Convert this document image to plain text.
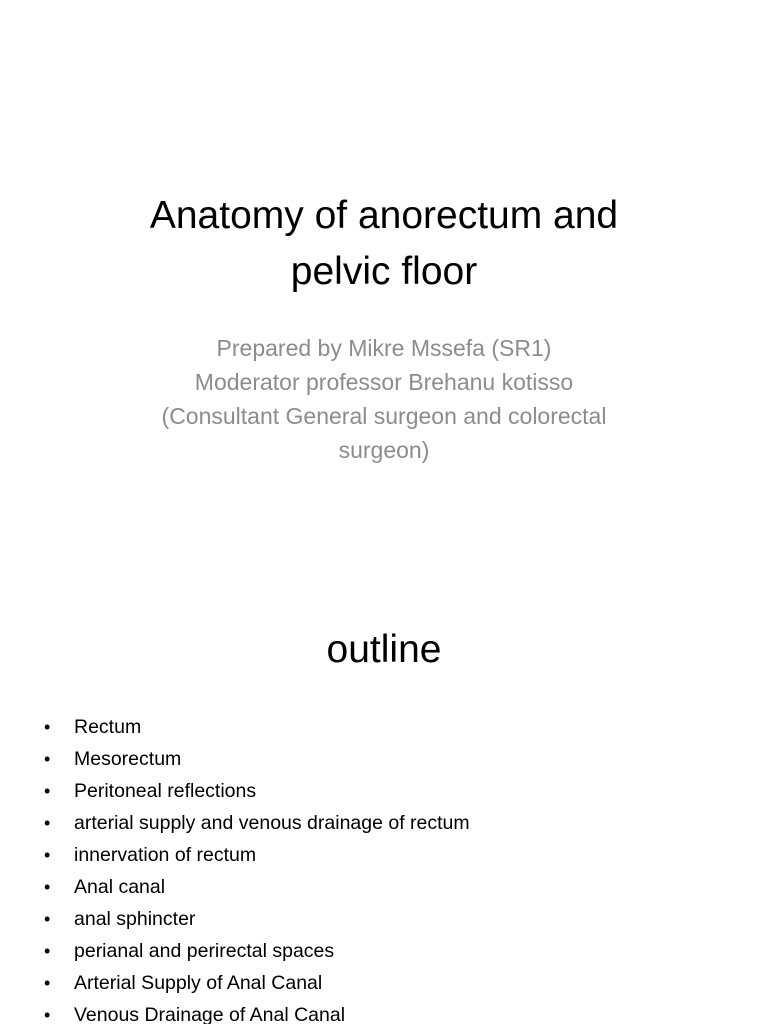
Anatomy of anorectum and
pelvic floor
Prepared by Mikre Mssefa (SR1)
Moderator professor Brehanu kotisso
(Consultant General surgeon and colorectal
surgeon)
outline
• Rectum
• Mesorectum
• Peritoneal reflections
• arterial supply and venous drainage of rectum
• innervation of rectum
• Anal canal
• anal sphincter
• perianal and perirectal spaces
• Arterial Supply of Anal Canal
• Venous Drainage of Anal Canal
